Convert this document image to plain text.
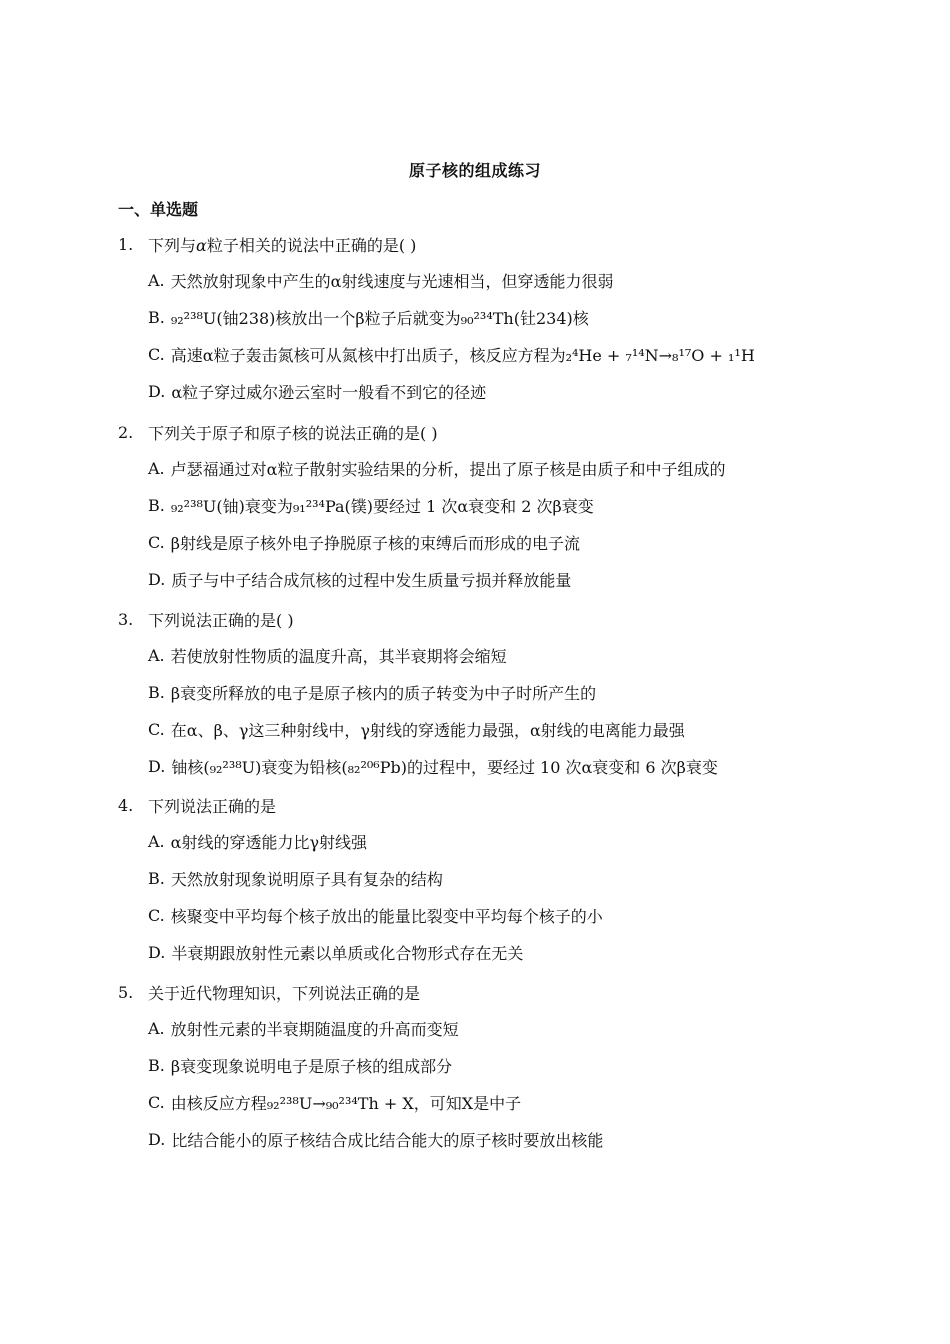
原子核的组成练习
一、单选题
1. 下列与α粒子相关的说法中正确的是( )
A. 天然放射现象中产生的α射线速度与光速相当，但穿透能力很弱
B. ₉₂²³⁸U(铀238)核放出一个β粒子后就变为₉₀²³⁴Th(钍234)核
C. 高速α粒子轰击氮核可从氮核中打出质子，核反应方程为₂⁴He + ₇¹⁴N→₈¹⁷O + ₁¹H
D. α粒子穿过威尔逊云室时一般看不到它的径迹
2. 下列关于原子和原子核的说法正确的是( )
A. 卢瑟福通过对α粒子散射实验结果的分析，提出了原子核是由质子和中子组成的
B. ₉₂²³⁸U(铀)衰变为₉₁²³⁴Pa(镤)要经过 1 次α衰变和 2 次β衰变
C. β射线是原子核外电子挣脱原子核的束缚后而形成的电子流
D. 质子与中子结合成氘核的过程中发生质量亏损并释放能量
3. 下列说法正确的是( )
A. 若使放射性物质的温度升高，其半衰期将会缩短
B. β衰变所释放的电子是原子核内的质子转变为中子时所产生的
C. 在α、β、γ这三种射线中，γ射线的穿透能力最强，α射线的电离能力最强
D. 铀核(₉₂²³⁸U)衰变为铅核(₈₂²⁰⁶Pb)的过程中，要经过 10 次α衰变和 6 次β衰变
4. 下列说法正确的是
A. α射线的穿透能力比γ射线强
B. 天然放射现象说明原子具有复杂的结构
C. 核聚变中平均每个核子放出的能量比裂变中平均每个核子的小
D. 半衰期跟放射性元素以单质或化合物形式存在无关
5. 关于近代物理知识，下列说法正确的是
A. 放射性元素的半衰期随温度的升高而变短
B. β衰变现象说明电子是原子核的组成部分
C. 由核反应方程₉₂²³⁸U→₉₀²³⁴Th + X，可知X是中子
D. 比结合能小的原子核结合成比结合能大的原子核时要放出核能
